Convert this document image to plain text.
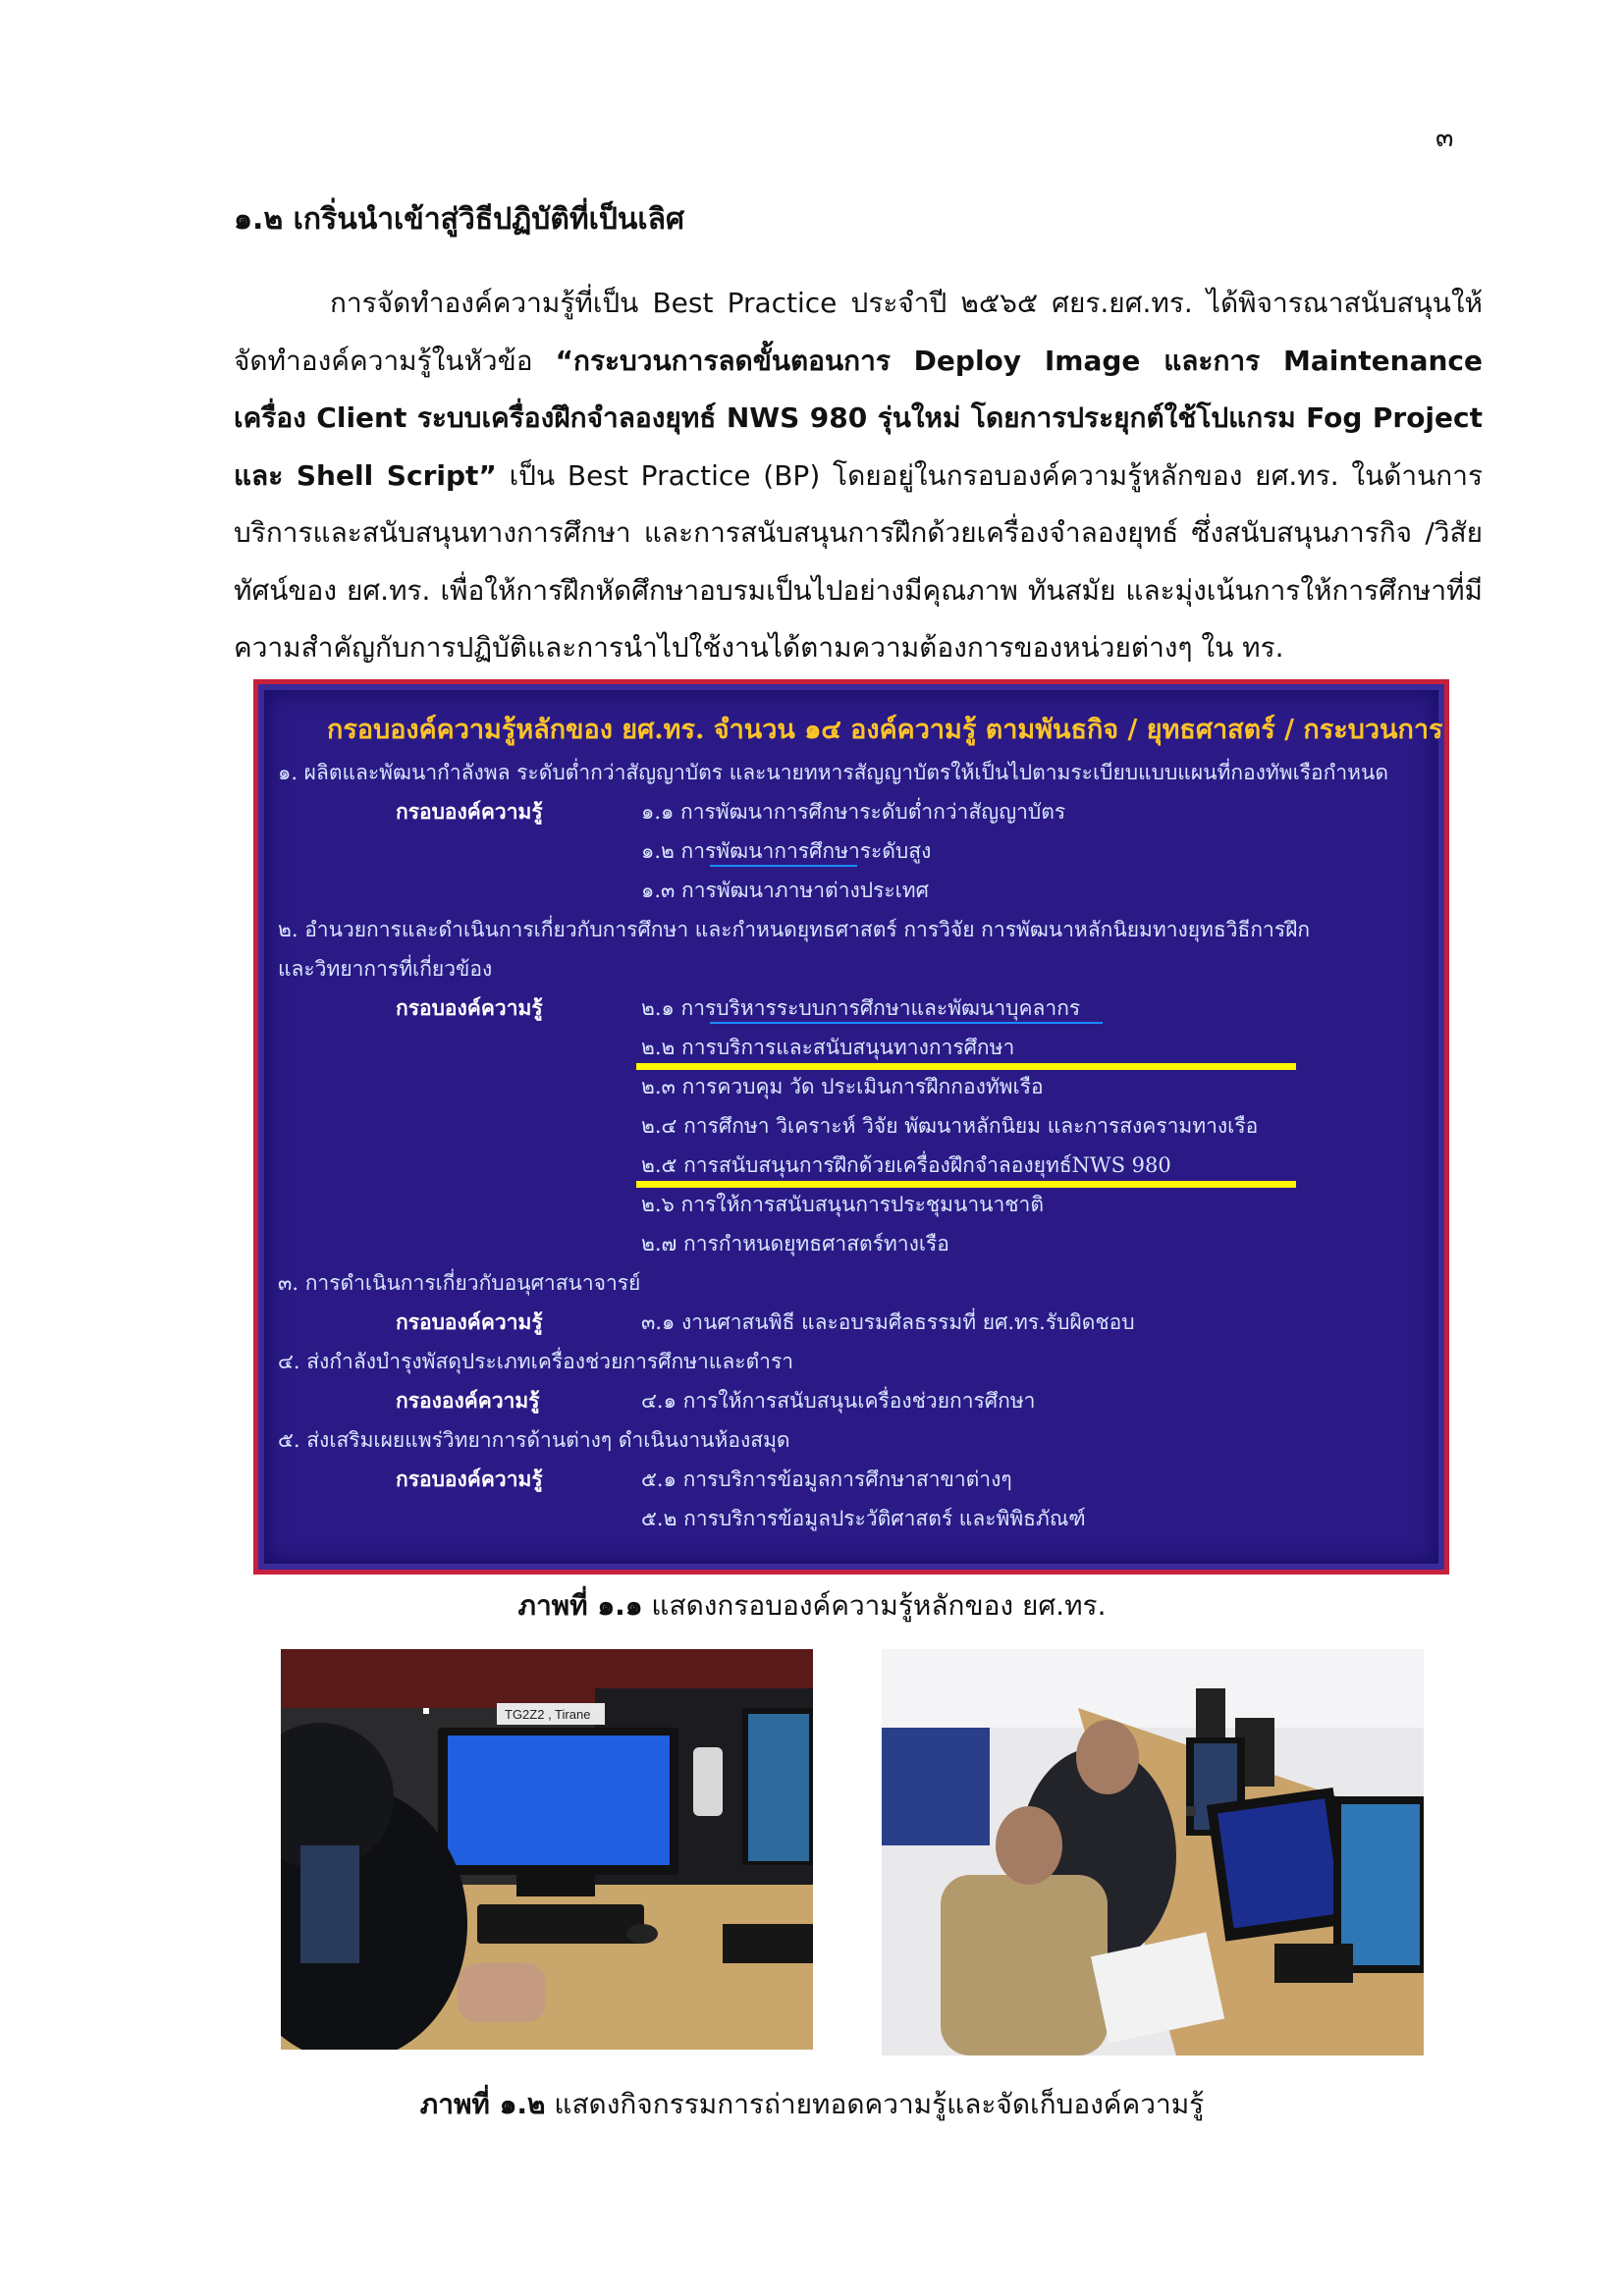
๓
๑.๒ เกริ่นนำเข้าสู่วิธีปฏิบัติที่เป็นเลิศ
การจัดทำองค์ความรู้ที่เป็น Best Practice ประจำปี ๒๕๖๕ ศยร.ยศ.ทร. ได้พิจารณาสนับสนุนให้จัดทำองค์ความรู้ในหัวข้อ “กระบวนการลดขั้นตอนการ Deploy Image และการ Maintenance เครื่อง Client ระบบเครื่องฝึกจำลองยุทธ์ NWS 980 รุ่นใหม่ โดยการประยุกต์ใช้โปแกรม Fog Project และ Shell Script” เป็น Best Practice (BP) โดยอยู่ในกรอบองค์ความรู้หลักของ ยศ.ทร. ในด้านการบริการและสนับสนุนทางการศึกษา และการสนับสนุนการฝึกด้วยเครื่องจำลองยุทธ์ ซึ่งสนับสนุนภารกิจ /วิสัยทัศน์ของ ยศ.ทร. เพื่อให้การฝึกหัดศึกษาอบรมเป็นไปอย่างมีคุณภาพ ทันสมัย และมุ่งเน้นการให้การศึกษาที่มีความสำคัญกับการปฏิบัติและการนำไปใช้งานได้ตามความต้องการของหน่วยต่างๆ ใน ทร.
กรอบองค์ความรู้หลักของ ยศ.ทร. จำนวน ๑๔ องค์ความรู้ ตามพันธกิจ / ยุทธศาสตร์ / กระบวนการ
๑. ผลิตและพัฒนากำลังพล ระดับต่ำกว่าสัญญาบัตร และนายทหารสัญญาบัตรให้เป็นไปตามระเบียบแบบแผนที่กองทัพเรือกำหนด
กรอบองค์ความรู้	๑.๑ การพัฒนาการศึกษาระดับต่ำกว่าสัญญาบัตร
๑.๒ การพัฒนาการศึกษาระดับสูง
๑.๓ การพัฒนาภาษาต่างประเทศ
๒. อำนวยการและดำเนินการเกี่ยวกับการศึกษา และกำหนดยุทธศาสตร์ การวิจัย การพัฒนาหลักนิยมทางยุทธวิธีการฝึก
และวิทยาการที่เกี่ยวข้อง
กรอบองค์ความรู้	๒.๑ การบริหารระบบการศึกษาและพัฒนาบุคลากร
๒.๒ การบริการและสนับสนุนทางการศึกษา
๒.๓ การควบคุม วัด ประเมินการฝึกกองทัพเรือ
๒.๔ การศึกษา วิเคราะห์ วิจัย พัฒนาหลักนิยม และการสงครามทางเรือ
๒.๕ การสนับสนุนการฝึกด้วยเครื่องฝึกจำลองยุทธ์NWS 980
๒.๖ การให้การสนับสนุนการประชุมนานาชาติ
๒.๗ การกำหนดยุทธศาสตร์ทางเรือ
๓. การดำเนินการเกี่ยวกับอนุศาสนาจารย์
กรอบองค์ความรู้	๓.๑ งานศาสนพิธี และอบรมศีลธรรมที่ ยศ.ทร.รับผิดชอบ
๔. ส่งกำลังบำรุงพัสดุประเภทเครื่องช่วยการศึกษาและตำรา
กรององค์ความรู้	๔.๑ การให้การสนับสนุนเครื่องช่วยการศึกษา
๕. ส่งเสริมเผยแพร่วิทยาการด้านต่างๆ ดำเนินงานห้องสมุด
กรอบองค์ความรู้	๕.๑ การบริการข้อมูลการศึกษาสาขาต่างๆ
๕.๒ การบริการข้อมูลประวัติศาสตร์ และพิพิธภัณฑ์
ภาพที่ ๑.๑ แสดงกรอบองค์ความรู้หลักของ ยศ.ทร.
TG2Z2 , Tirane
ภาพที่ ๑.๒ แสดงกิจกรรมการถ่ายทอดความรู้และจัดเก็บองค์ความรู้
